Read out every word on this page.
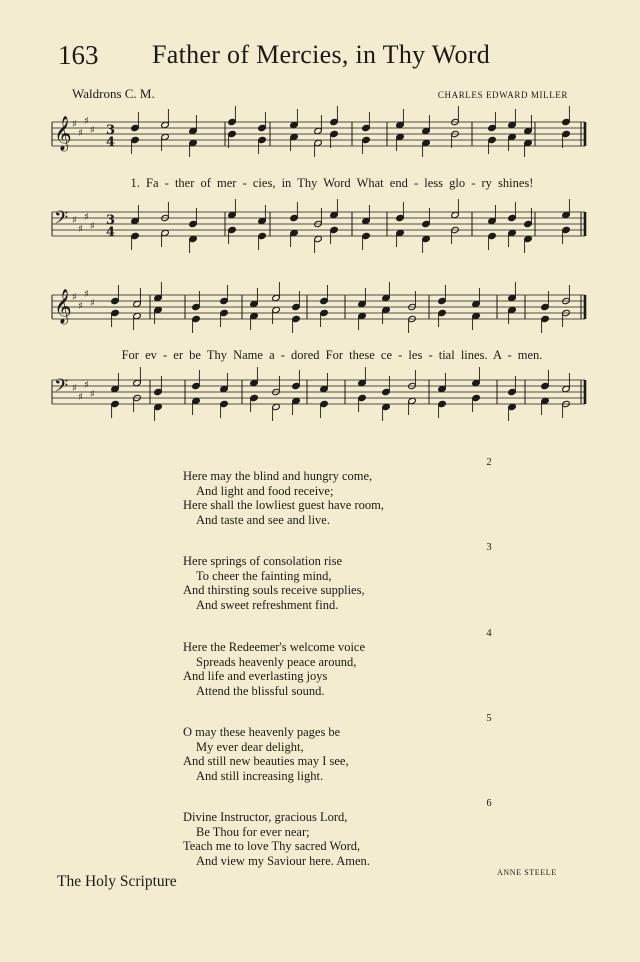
163 Father of Mercies, in Thy Word
Waldrons C. M.	CHARLES EDWARD MILLER
𝄞 ♯
♯
♯
♯
𝄢 ♯
♯
♯
♯
3
4
3
4
𝄞 ♯
♯
♯
♯
𝄢 ♯
♯
♯
♯
1. Fa - ther of mer - cies, in Thy Word What end - less glo - ry shines!
For ev - er be Thy Name a - dored For these ce - les - tial lines. A - men.
2
Here may the blind and hungry come,
And light and food receive;
Here shall the lowliest guest have room,
And taste and see and live.
3
Here springs of consolation rise
To cheer the fainting mind,
And thirsting souls receive supplies,
And sweet refreshment find.
4
Here the Redeemer's welcome voice
Spreads heavenly peace around,
And life and everlasting joys
Attend the blissful sound.
5
O may these heavenly pages be
My ever dear delight,
And still new beauties may I see,
And still increasing light.
6
Divine Instructor, gracious Lord,
Be Thou for ever near;
Teach me to love Thy sacred Word,
And view my Saviour here. Amen.
ANNE STEELE
The Holy Scripture
